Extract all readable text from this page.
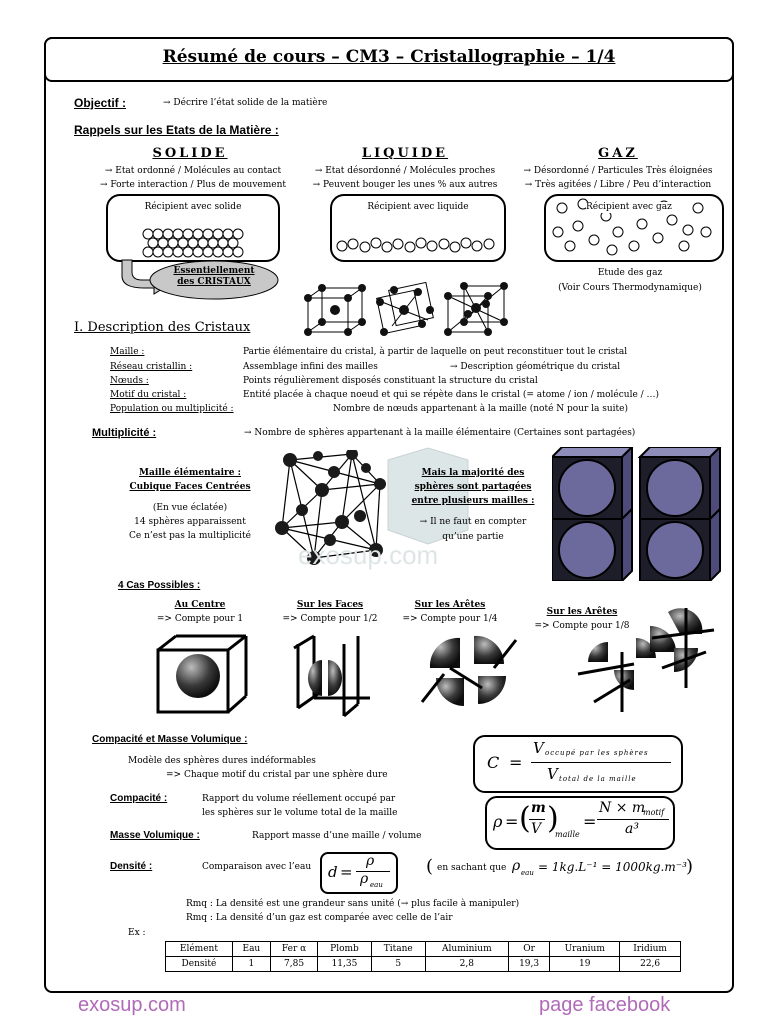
Résumé de cours – CM3 – Cristallographie – 1/4
Objectif :	→ Décrire l’état solide de la matière
Rappels sur les Etats de la Matière :
SOLIDE
→ Etat ordonné / Molécules au contact
→ Forte interaction / Plus de mouvement
LIQUIDE
→ Etat désordonné / Molécules proches
→ Peuvent bouger les unes % aux autres
GAZ
→ Désordonné / Particules Très éloignées
→ Très agitées / Libre / Peu d’interaction
Récipient avec solide	Récipient avec liquide	Récipient avec gaz
Essentiellement des CRISTAUX
Etude des gaz
(Voir Cours Thermodynamique)
I. Description des Cristaux
Maille :	Partie élémentaire du cristal, à partir de laquelle on peut reconstituer tout le cristal
Réseau cristallin :	Assemblage infini des mailles	→ Description géométrique du cristal
Nœuds :	Points régulièrement disposés constituant la structure du cristal
Motif du cristal :	Entité placée à chaque noeud et qui se répète dans le cristal (= atome / ion / molécule / …)
Population ou multiplicité :	Nombre de nœuds appartenant à la maille (noté N pour la suite)
Multiplicité :	→ Nombre de sphères appartenant à la maille élémentaire (Certaines sont partagées)
Maille élémentaire :
Cubique Faces Centrées
(En vue éclatée)
14 sphères apparaissent
Ce n’est pas la multiplicité
exosup.com
Mais la majorité des
sphères sont partagées
entre plusieurs mailles :
→ Il ne faut en compter
qu’une partie
4 Cas Possibles :
Au Centre
=> Compte pour 1
Sur les Faces
=> Compte pour 1/2
Sur les Arêtes
=> Compte pour 1/4
Sur les Arêtes
=> Compte pour 1/8
Compacité et Masse Volumique :
Modèle des sphères dures indéformables
=> Chaque motif du cristal par une sphère dure
Compacité :	Rapport du volume réellement occupé par
les sphères sur le volume total de la maille
Masse Volumique :	Rapport masse d’une maille / volume
Densité :	Comparaison avec l’eau
C =
V occupé par les sphères
V total de la maille
ρ = ( m
V )
maille
=
N × m
motif
a³
d =
ρ
ρ eau
( en sachant que ρ eau = 1kg.L⁻¹ = 1000kg.m⁻³ )
Rmq : La densité est une grandeur sans unité (→ plus facile à manipuler)
Rmq : La densité d’un gaz est comparée avec celle de l’air
Ex :
Elément	Eau	Fer α	Plomb	Titane	Aluminium	Or	Uranium	Iridium
Densité	1	7,85	11,35	5	2,8	19,3	19	22,6
exosup.com	page facebook
